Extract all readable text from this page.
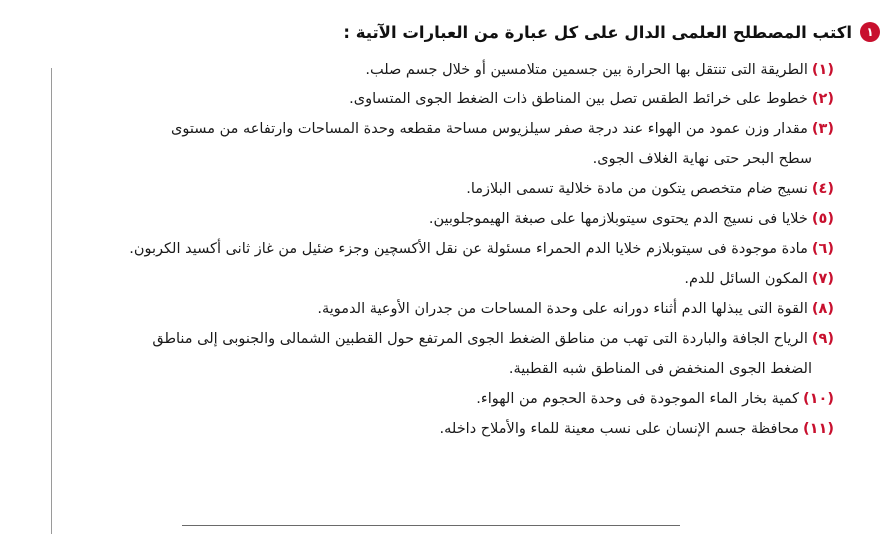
١
اكتب المصطلح العلمى الدال على كل عبارة من العبارات الآتية :
(١)الطريقة التى تنتقل بها الحرارة بين جسمين متلامسين أو خلال جسم صلب.
(٢)خطوط على خرائط الطقس تصل بين المناطق ذات الضغط الجوى المتساوى.
(٣)مقدار وزن عمود من الهواء عند درجة صفر سيلزيوس مساحة مقطعه وحدة المساحات وارتفاعه من مستوى
سطح البحر حتى نهاية الغلاف الجوى.
(٤)نسيج ضام متخصص يتكون من مادة خلالية تسمى البلازما.
(٥)خلايا فى نسيج الدم يحتوى سيتوبلازمها على صبغة الهيموجلوبين.
(٦)مادة موجودة فى سيتوبلازم خلايا الدم الحمراء مسئولة عن نقل الأكسچين وجزء ضئيل من غاز ثانى أكسيد الكربون.
(٧)المكون السائل للدم.
(٨)القوة التى يبذلها الدم أثناء دورانه على وحدة المساحات من جدران الأوعية الدموية.
(٩)الرياح الجافة والباردة التى تهب من مناطق الضغط الجوى المرتفع حول القطبين الشمالى والجنوبى إلى مناطق
الضغط الجوى المنخفض فى المناطق شبه القطبية.
(١٠)كمية بخار الماء الموجودة فى وحدة الحجوم من الهواء.
(١١)محافظة جسم الإنسان على نسب معينة للماء والأملاح داخله.
